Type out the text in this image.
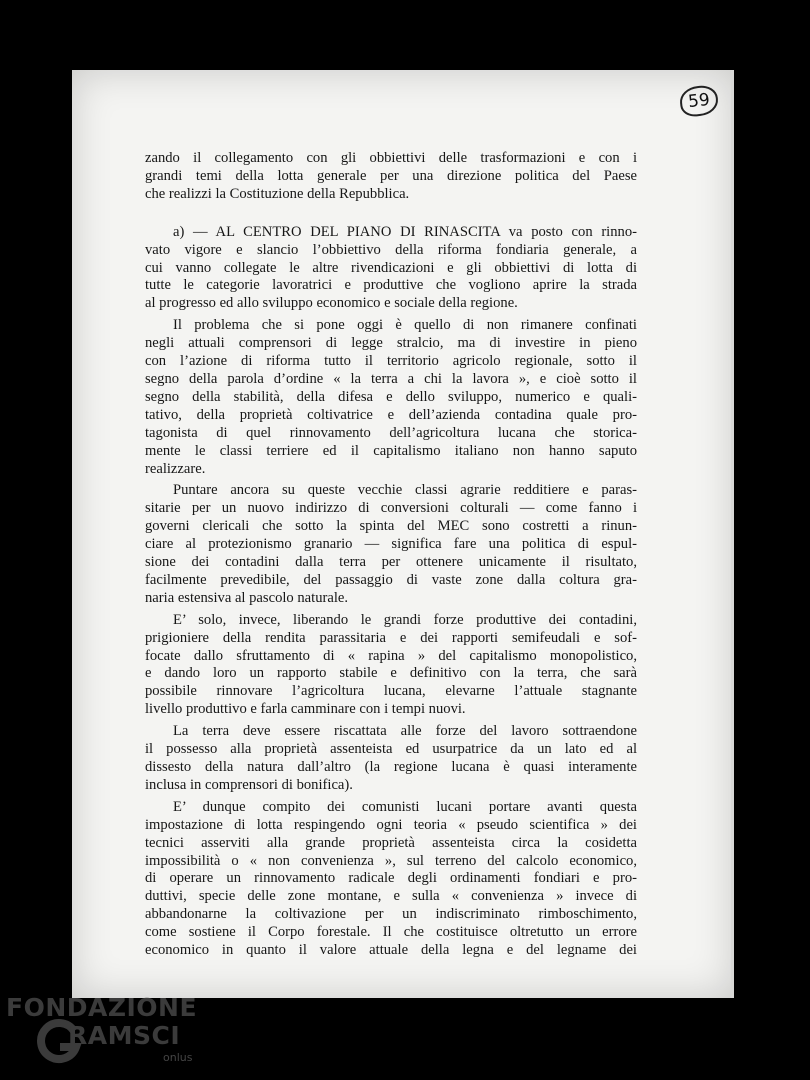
59
zando il collegamento con gli obbiettivi delle trasformazioni e con i
grandi temi della lotta generale per una direzione politica del Paese
che realizzi la Costituzione della Repubblica.
a) — AL CENTRO DEL PIANO DI RINASCITA va posto con rinno-
vato vigore e slancio l’obbiettivo della riforma fondiaria generale, a
cui vanno collegate le altre rivendicazioni e gli obbiettivi di lotta di
tutte le categorie lavoratrici e produttive che vogliono aprire la strada
al progresso ed allo sviluppo economico e sociale della regione.
Il problema che si pone oggi è quello di non rimanere confinati
negli attuali comprensori di legge stralcio, ma di investire in pieno
con l’azione di riforma tutto il territorio agricolo regionale, sotto il
segno della parola d’ordine « la terra a chi la lavora », e cioè sotto il
segno della stabilità, della difesa e dello sviluppo, numerico e quali-
tativo, della proprietà coltivatrice e dell’azienda contadina quale pro-
tagonista di quel rinnovamento dell’agricoltura lucana che storica-
mente le classi terriere ed il capitalismo italiano non hanno saputo
realizzare.
Puntare ancora su queste vecchie classi agrarie redditiere e paras-
sitarie per un nuovo indirizzo di conversioni colturali — come fanno i
governi clericali che sotto la spinta del MEC sono costretti a rinun-
ciare al protezionismo granario — significa fare una politica di espul-
sione dei contadini dalla terra per ottenere unicamente il risultato,
facilmente prevedibile, del passaggio di vaste zone dalla coltura gra-
naria estensiva al pascolo naturale.
E’ solo, invece, liberando le grandi forze produttive dei contadini,
prigioniere della rendita parassitaria e dei rapporti semifeudali e sof-
focate dallo sfruttamento di « rapina » del capitalismo monopolistico,
e dando loro un rapporto stabile e definitivo con la terra, che sarà
possibile rinnovare l’agricoltura lucana, elevarne l’attuale stagnante
livello produttivo e farla camminare con i tempi nuovi.
La terra deve essere riscattata alle forze del lavoro sottraendone
il possesso alla proprietà assenteista ed usurpatrice da un lato ed al
dissesto della natura dall’altro (la regione lucana è quasi interamente
inclusa in comprensori di bonifica).
E’ dunque compito dei comunisti lucani portare avanti questa
impostazione di lotta respingendo ogni teoria « pseudo scientifica » dei
tecnici asserviti alla grande proprietà assenteista circa la cosidetta
impossibilità o « non convenienza », sul terreno del calcolo economico,
di operare un rinnovamento radicale degli ordinamenti fondiari e pro-
duttivi, specie delle zone montane, e sulla « convenienza » invece di
abbandonarne la coltivazione per un indiscriminato rimboschimento,
come sostiene il Corpo forestale. Il che costituisce oltretutto un errore
economico in quanto il valore attuale della legna e del legname dei
FONDAZIONE
RAMSCI
onlus
